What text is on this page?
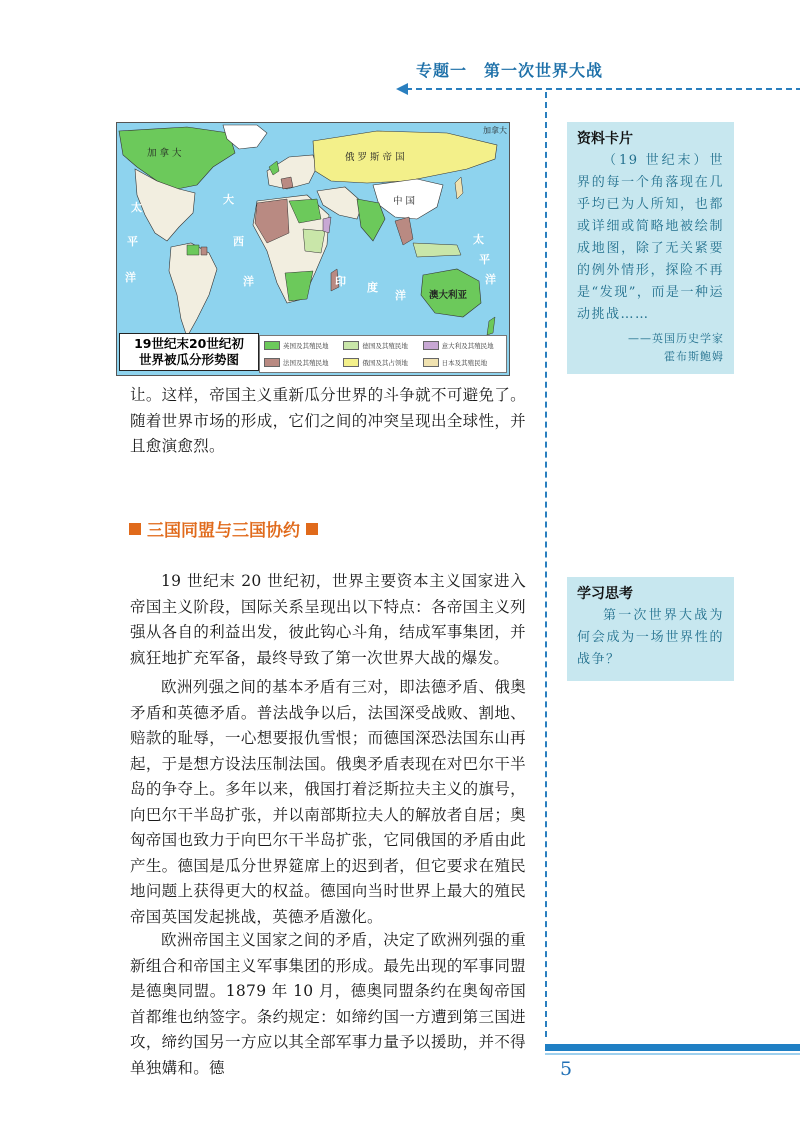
专题一　第一次世界大战
加拿大
加 拿 大	俄 罗 斯 帝 国
中 国
澳大利亚
太
平
洋
大
西
洋	印 度
洋
太
平
洋
19世纪末20世纪初
世界被瓜分形势图
英国及其殖民地	德国及其殖民地	意大利及其殖民地
法国及其殖民地	俄国及其占领地	日本及其殖民地
资料卡片
（19 世纪末）世界的每一个角落现在几乎均已为人所知，也都或详细或简略地被绘制成地图，除了无关紧要的例外情形，探险不再是“发现”，而是一种运动挑战……
——英国历史学家
霍布斯鲍姆

让。这样，帝国主义重新瓜分世界的斗争就不可避免了。随着世界市场的形成，它们之间的冲突呈现出全球性，并且愈演愈烈。

三国同盟与三国协约

19 世纪末 20 世纪初，世界主要资本主义国家进入帝国主义阶段，国际关系呈现出以下特点：各帝国主义列强从各自的利益出发，彼此钩心斗角，结成军事集团，并疯狂地扩充军备，最终导致了第一次世界大战的爆发。

欧洲列强之间的基本矛盾有三对，即法德矛盾、俄奥矛盾和英德矛盾。普法战争以后，法国深受战败、割地、赔款的耻辱，一心想要报仇雪恨；而德国深恐法国东山再起，于是想方设法压制法国。俄奥矛盾表现在对巴尔干半岛的争夺上。多年以来，俄国打着泛斯拉夫主义的旗号，向巴尔干半岛扩张，并以南部斯拉夫人的解放者自居；奥匈帝国也致力于向巴尔干半岛扩张，它同俄国的矛盾由此产生。德国是瓜分世界筵席上的迟到者，但它要求在殖民地问题上获得更大的权益。德国向当时世界上最大的殖民帝国英国发起挑战，英德矛盾激化。

欧洲帝国主义国家之间的矛盾，决定了欧洲列强的重新组合和帝国主义军事集团的形成。最先出现的军事同盟是德奥同盟。1879 年 10 月，德奥同盟条约在奥匈帝国首都维也纳签字。条约规定：如缔约国一方遭到第三国进攻，缔约国另一方应以其全部军事力量予以援助，并不得单独媾和。德

学习思考
第一次世界大战为何会成为一场世界性的战争？
5
